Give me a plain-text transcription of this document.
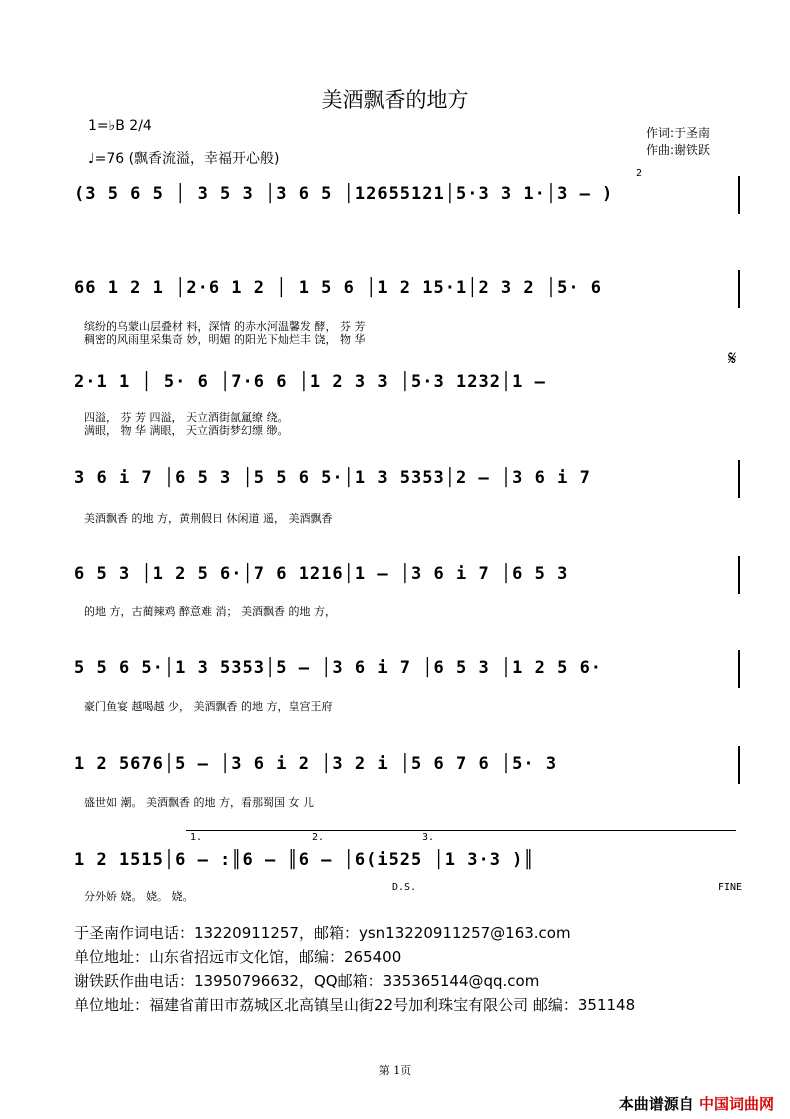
美酒飘香的地方
1=♭B 2/4
♩=76 (飘香流溢，幸福开心般)
作词:于圣南
作曲:谢铁跃
(3 5 6 5 │ 3 5 3 │3 6 5 │12655121│5·3 3 1·│3 — )
2
66 1 2 1 │2·6 1 2 │ 1 5 6 │1 2 15·1│2 3 2 │5· 6
缤纷的乌蒙山层叠材 料，深情 的赤水河温馨发 酵， 芬 芳
稠密的风雨里采集奇 妙，明媚 的阳光下灿烂丰 饶， 物 华
2·1 1 │ 5· 6 │7·6 6 │1 2 3 3 │5·3 1232│1 —
𝄋
四溢， 芬 芳 四溢， 天立酒街氤氲缭 绕。
满眼， 物 华 满眼， 天立酒街梦幻缥 缈。
3 6 i 7 │6 5 3 │5 5 6 5·│1 3 5353│2 — │3 6 i 7
美酒飘香 的地 方，黄荆假日 休闲道 遥， 美酒飘香
6 5 3 │1 2 5 6·│7 6 1216│1 — │3 6 i 7 │6 5 3
的地 方，古蔺辣鸡 醉意难 消； 美酒飘香 的地 方，
5 5 6 5·│1 3 5353│5 — │3 6 i 7 │6 5 3 │1 2 5 6·
豪门鱼宴 越喝越 少， 美酒飘香 的地 方，皇宫王府
1 2 5676│5 — │3 6 i 2 │3 2 i │5 6 7 6 │5· 3
盛世如 潮。 美酒飘香 的地 方，看那蜀国 女 儿
1.	2.	3.
1 2 1515│6 — :║6 — ║6 — │6(i525 │1 3·3 )║
分外娇 娆。 娆。 娆。
D.S.	FINE
于圣南作词电话：13220911257，邮箱：ysn13220911257@163.com
单位地址：山东省招远市文化馆，邮编：265400
谢铁跃作曲电话：13950796632，QQ邮箱：335365144@qq.com
单位地址：福建省莆田市荔城区北高镇呈山街22号加利珠宝有限公司 邮编：351148
第 1页
本曲谱源自 中国词曲网
